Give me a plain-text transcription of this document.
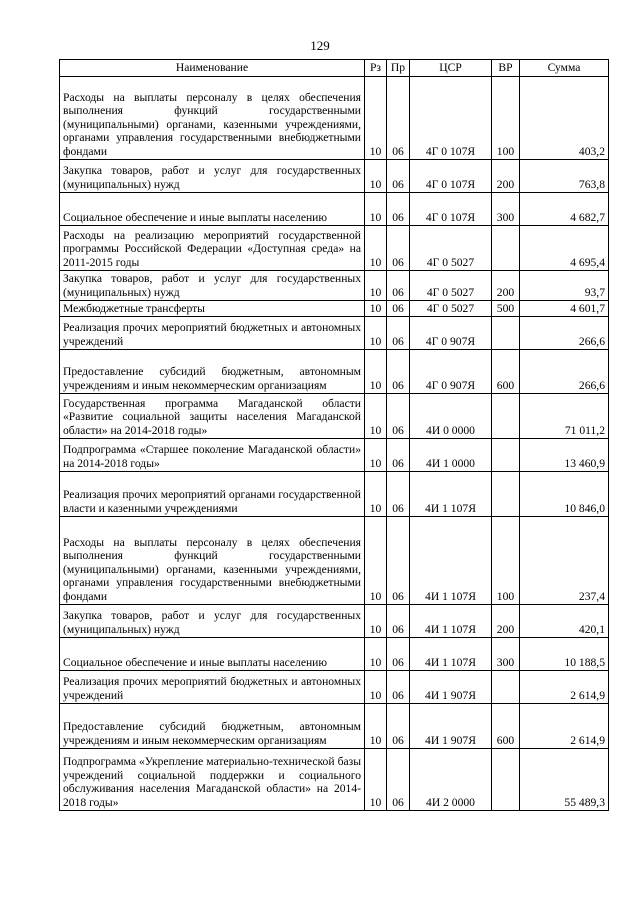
129
Наименование	Рз	Пр	ЦСР	ВР	Сумма
Расходы на выплаты персоналу в целях обеспечения выполнения функций государственными (муниципальными) органами, казенными учреждениями, органами управления государственными внебюджетными фондами	10	06	4Г 0 107Я	100	403,2
Закупка товаров, работ и услуг для государственных (муниципальных) нужд	10	06	4Г 0 107Я	200	763,8
Социальное обеспечение и иные выплаты населению	10	06	4Г 0 107Я	300	4 682,7
Расходы на реализацию мероприятий государственной программы Российской Федерации «Доступная среда» на 2011-2015 годы	10	06	4Г 0 5027		4 695,4
Закупка товаров, работ и услуг для государственных (муниципальных) нужд	10	06	4Г 0 5027	200	93,7
Межбюджетные трансферты	10	06	4Г 0 5027	500	4 601,7
Реализация прочих мероприятий бюджетных и автономных учреждений	10	06	4Г 0 907Я		266,6
Предоставление субсидий бюджетным, автономным учреждениям и иным некоммерческим организациям	10	06	4Г 0 907Я	600	266,6
Государственная программа Магаданской области «Развитие социальной защиты населения Магаданской области» на 2014-2018 годы»	10	06	4И 0 0000		71 011,2
Подпрограмма «Старшее поколение Магаданской области» на 2014-2018 годы»	10	06	4И 1 0000		13 460,9
Реализация прочих мероприятий органами государственной власти и казенными учреждениями	10	06	4И 1 107Я		10 846,0
Расходы на выплаты персоналу в целях обеспечения выполнения функций государственными (муниципальными) органами, казенными учреждениями, органами управления государственными внебюджетными фондами	10	06	4И 1 107Я	100	237,4
Закупка товаров, работ и услуг для государственных (муниципальных) нужд	10	06	4И 1 107Я	200	420,1
Социальное обеспечение и иные выплаты населению	10	06	4И 1 107Я	300	10 188,5
Реализация прочих мероприятий бюджетных и автономных учреждений	10	06	4И 1 907Я		2 614,9
Предоставление субсидий бюджетным, автономным учреждениям и иным некоммерческим организациям	10	06	4И 1 907Я	600	2 614,9
Подпрограмма «Укрепление материально-технической базы учреждений социальной поддержки и социального обслуживания населения Магаданской области» на 2014-2018 годы»	10	06	4И 2 0000		55 489,3
